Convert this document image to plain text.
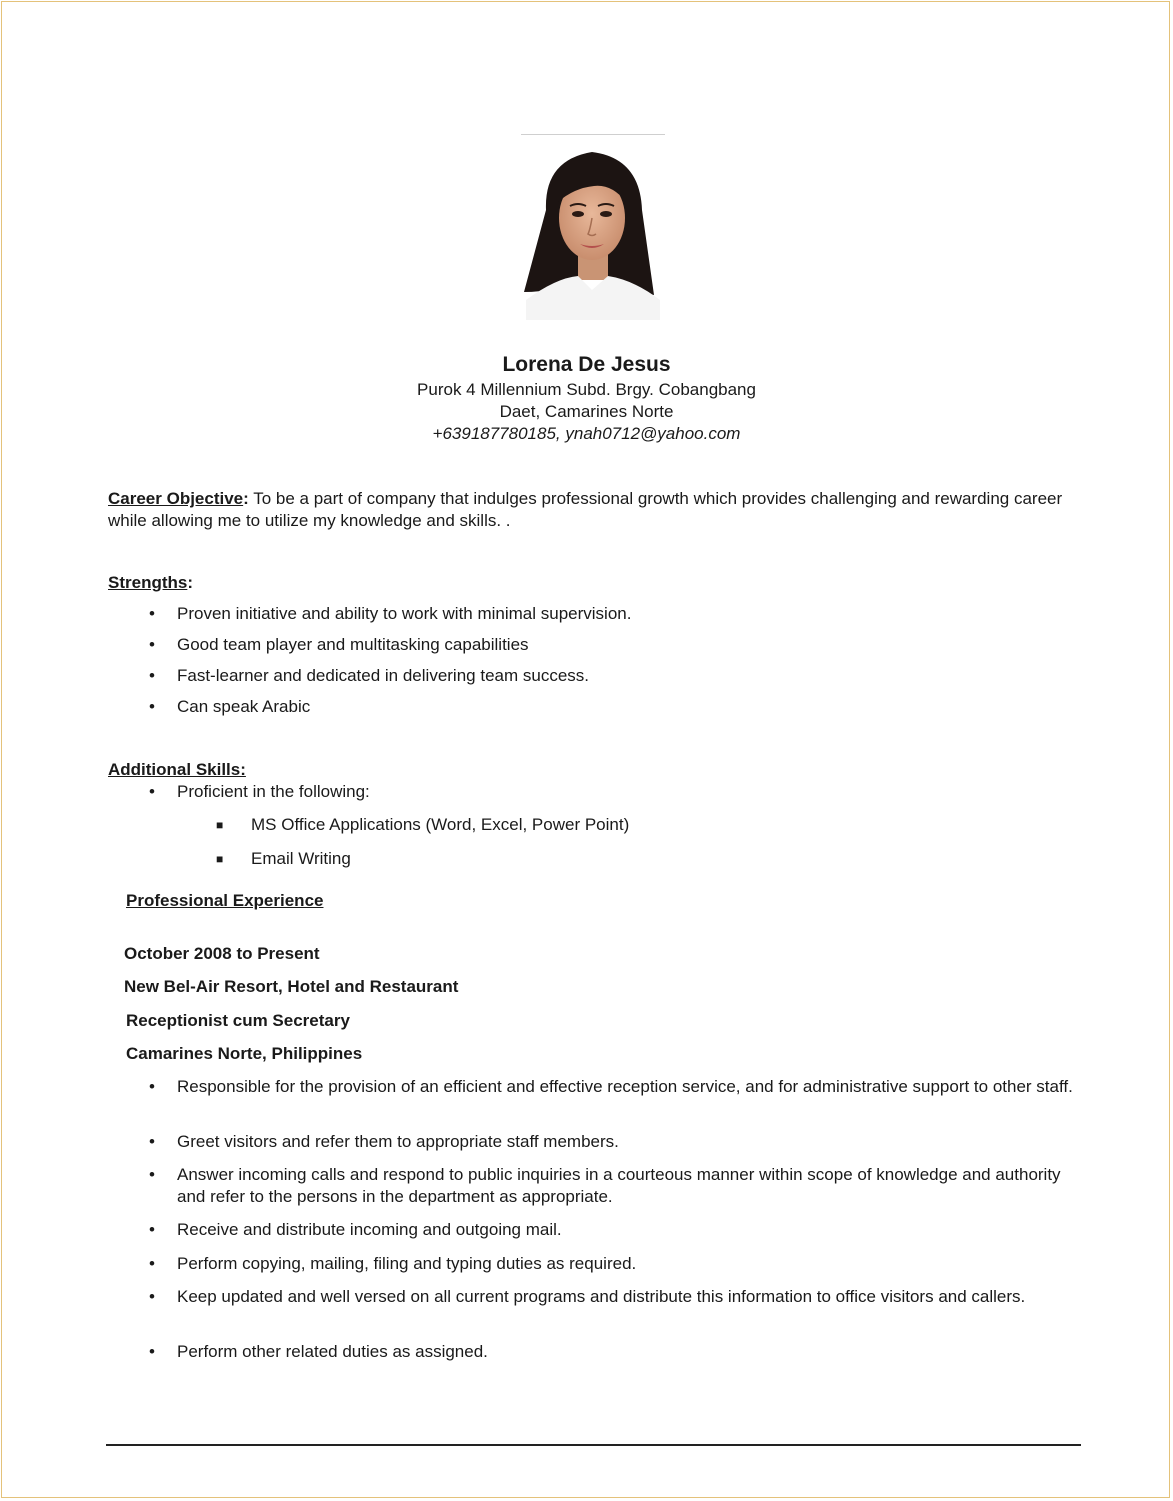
Lorena De Jesus
Purok 4 Millennium Subd. Brgy. Cobangbang
Daet, Camarines Norte
+639187780185, ynah0712@yahoo.com
Career Objective: To be a part of company that indulges professional growth which provides challenging and rewarding career while allowing me to utilize my knowledge and skills. .
Strengths:
• Proven initiative and ability to work with minimal supervision.
• Good team player and multitasking capabilities
• Fast-learner and dedicated in delivering team success.
• Can speak Arabic
Additional Skills:
• Proficient in the following:
■ MS Office Applications (Word, Excel, Power Point)
■ Email Writing
Professional Experience
October 2008 to Present
New Bel-Air Resort, Hotel and Restaurant
Receptionist cum Secretary
Camarines Norte, Philippines
• Responsible for the provision of an efficient and effective reception service, and for administrative support to other staff.
• Greet visitors and refer them to appropriate staff members.
• Answer incoming calls and respond to public inquiries in a courteous manner within scope of knowledge and authority and refer to the persons in the department as appropriate.
• Receive and distribute incoming and outgoing mail.
• Perform copying, mailing, filing and typing duties as required.
• Keep updated and well versed on all current programs and distribute this information to office visitors and callers.
• Perform other related duties as assigned.
